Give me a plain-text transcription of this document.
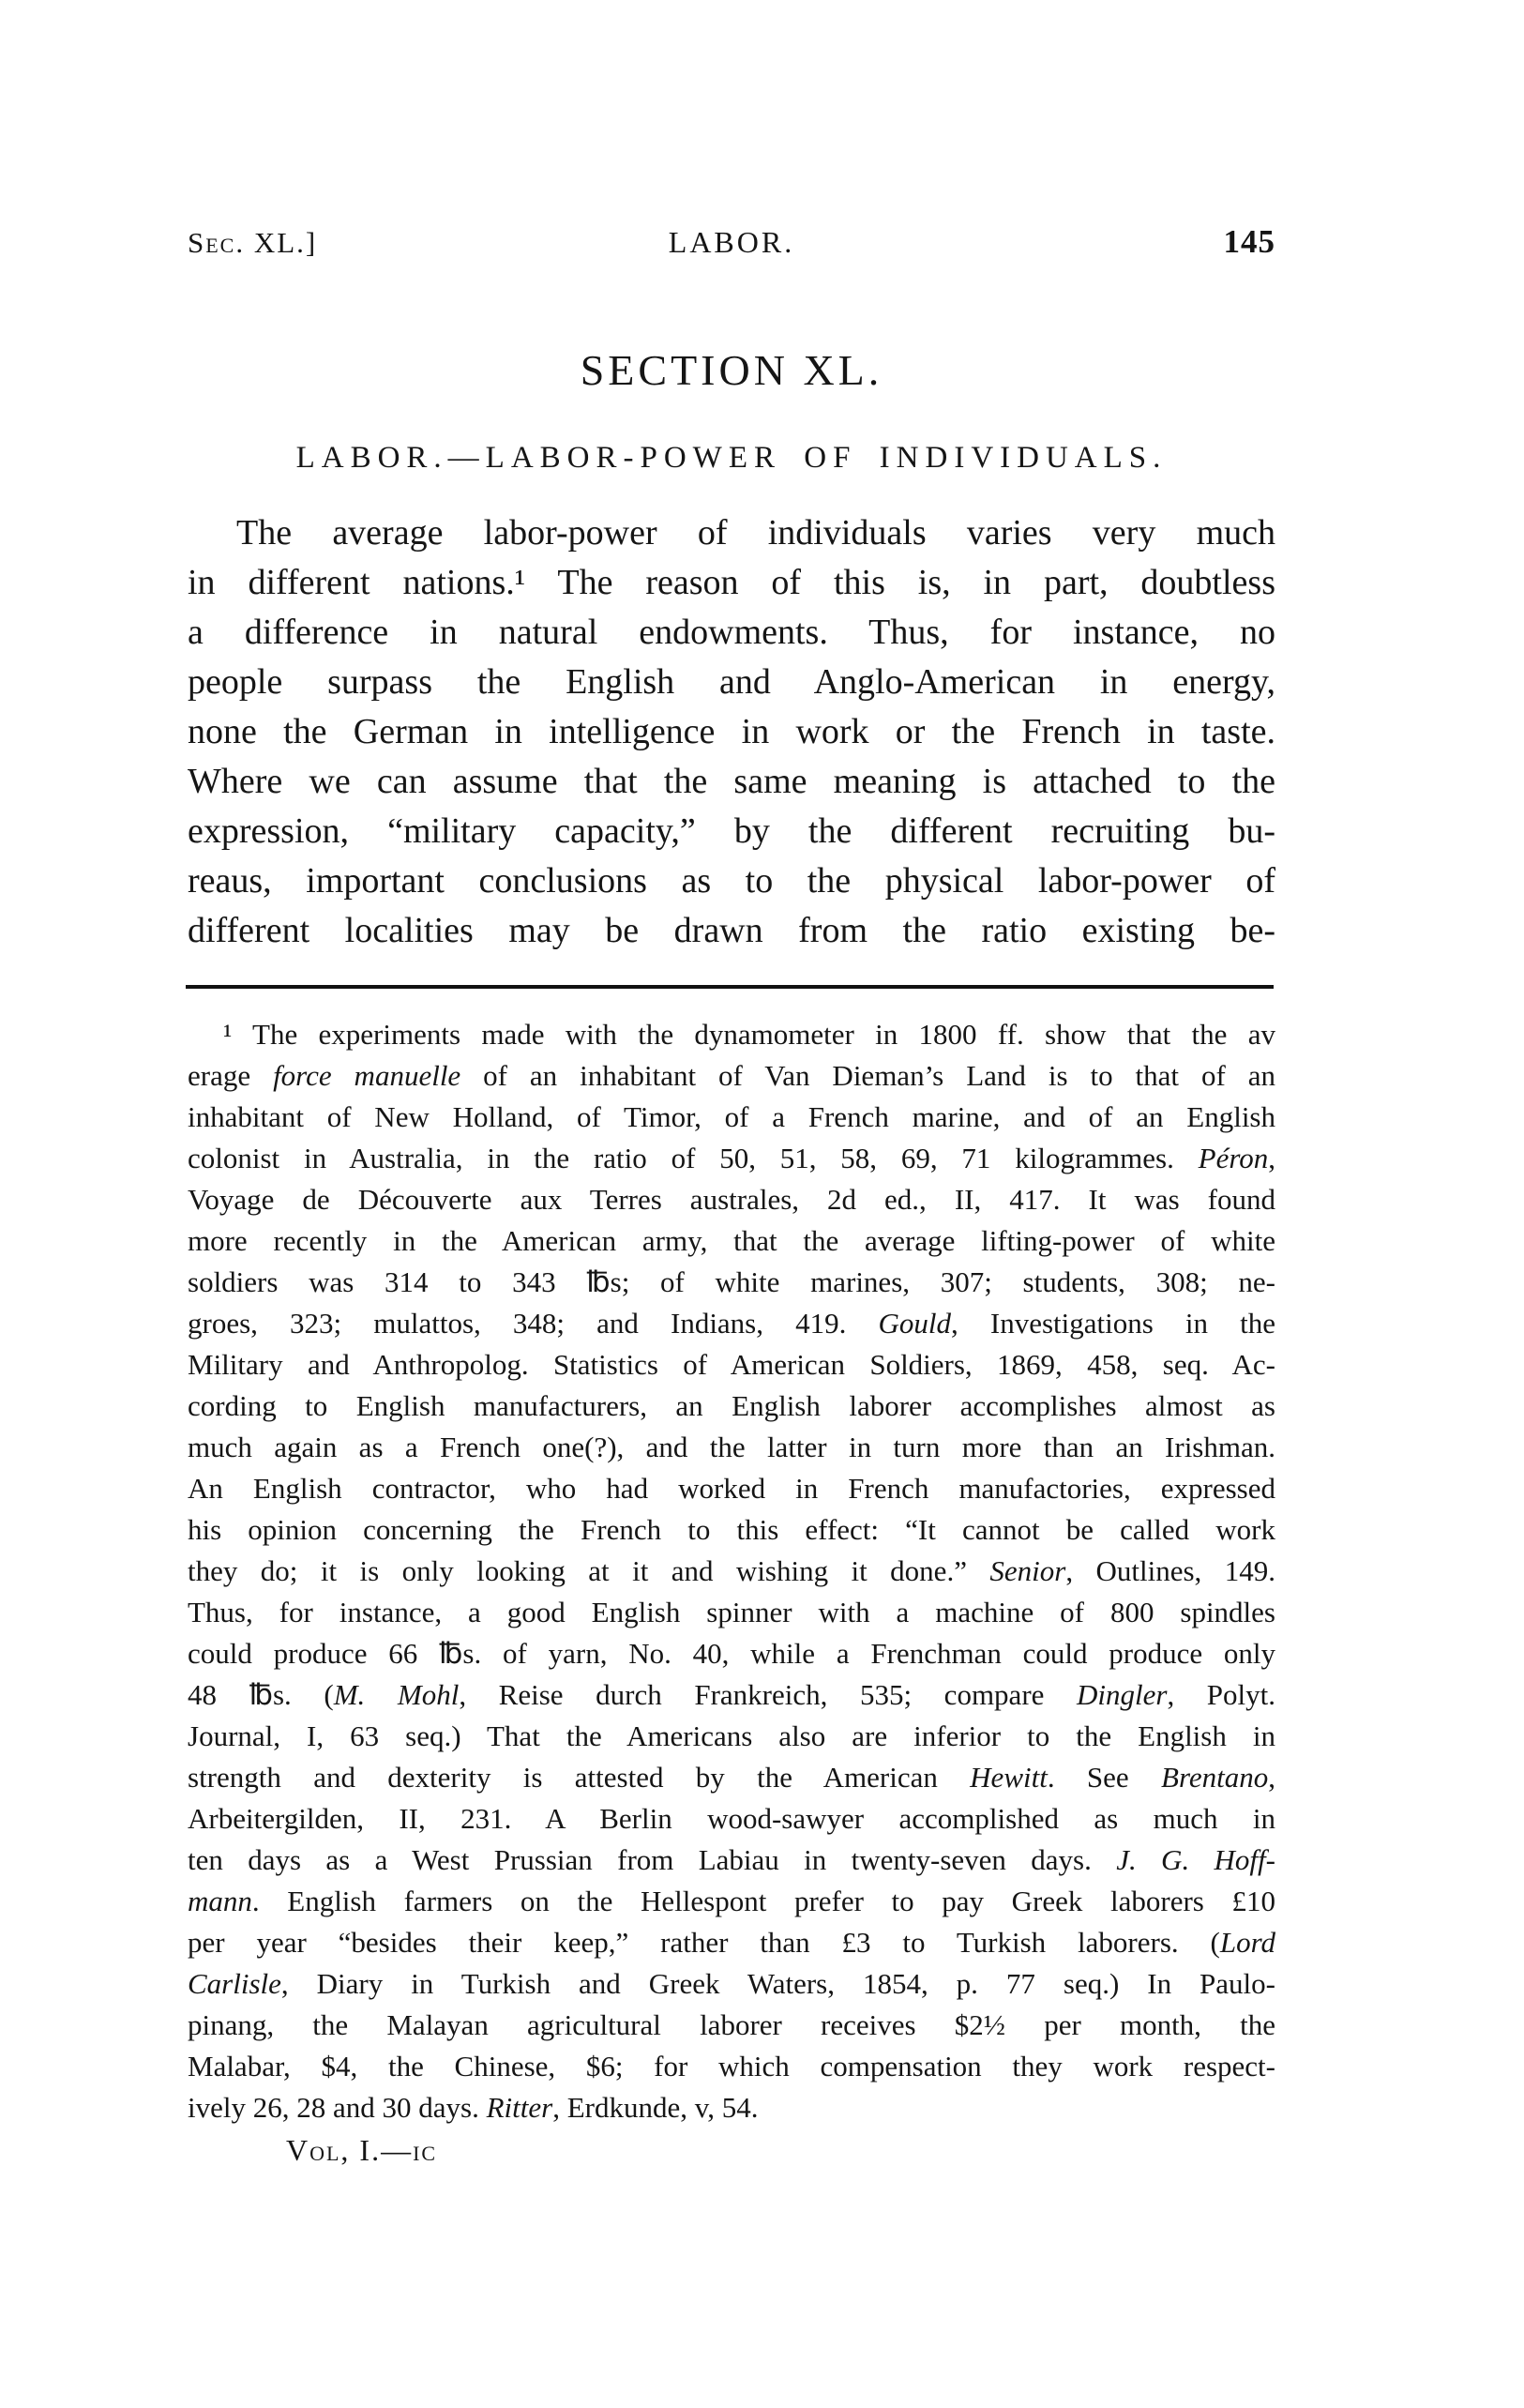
Sec. XL.]	LABOR.	145
SECTION XL.
LABOR.—LABOR-POWER OF INDIVIDUALS.
The average labor-power of individuals varies very much
in different nations.¹ The reason of this is, in part, doubtless
a difference in natural endowments. Thus, for instance, no
people surpass the English and Anglo-American in energy,
none the German in intelligence in work or the French in taste.
Where we can assume that the same meaning is attached to the
expression, “military capacity,” by the different recruiting bu-
reaus, important conclusions as to the physical labor-power of
different localities may be drawn from the ratio existing be-
¹ The experiments made with the dynamometer in 1800 ff. show that the av
erage force manuelle of an inhabitant of Van Dieman’s Land is to that of an
inhabitant of New Holland, of Timor, of a French marine, and of an English
colonist in Australia, in the ratio of 50, 51, 58, 69, 71 kilogrammes. Péron,
Voyage de Découverte aux Terres australes, 2d ed., II, 417. It was found
more recently in the American army, that the average lifting-power of white
soldiers was 314 to 343 ℔s; of white marines, 307; students, 308; ne-
groes, 323; mulattos, 348; and Indians, 419. Gould, Investigations in the
Military and Anthropolog. Statistics of American Soldiers, 1869, 458, seq. Ac-
cording to English manufacturers, an English laborer accomplishes almost as
much again as a French one(?), and the latter in turn more than an Irishman.
An English contractor, who had worked in French manufactories, expressed
his opinion concerning the French to this effect: “It cannot be called work
they do; it is only looking at it and wishing it done.” Senior, Outlines, 149.
Thus, for instance, a good English spinner with a machine of 800 spindles
could produce 66 ℔s. of yarn, No. 40, while a Frenchman could produce only
48 ℔s. (M. Mohl, Reise durch Frankreich, 535; compare Dingler, Polyt.
Journal, I, 63 seq.) That the Americans also are inferior to the English in
strength and dexterity is attested by the American Hewitt. See Brentano,
Arbeitergilden, II, 231. A Berlin wood-sawyer accomplished as much in
ten days as a West Prussian from Labiau in twenty-seven days. J. G. Hoff-
mann. English farmers on the Hellespont prefer to pay Greek laborers £10
per year “besides their keep,” rather than £3 to Turkish laborers. (Lord
Carlisle, Diary in Turkish and Greek Waters, 1854, p. 77 seq.) In Paulo-
pinang, the Malayan agricultural laborer receives $2½ per month, the
Malabar, $4, the Chinese, $6; for which compensation they work respect-
ively 26, 28 and 30 days. Ritter, Erdkunde, v, 54.
Vol, I.—ic
